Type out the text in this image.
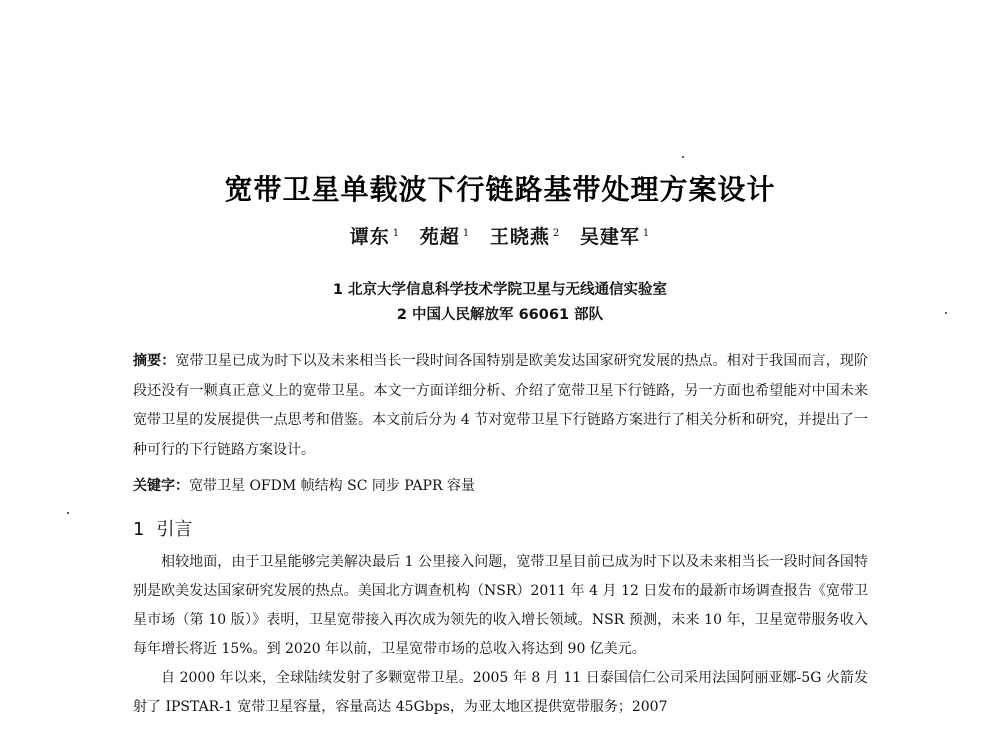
宽带卫星单载波下行链路基带处理方案设计
谭东 $^1$ 苑超 $^1$ 王晓燕 $^2$ 吴建军 $^1$
1 北京大学信息科学技术学院卫星与无线通信实验室
2 中国人民解放军 66061 部队
摘要：宽带卫星已成为时下以及未来相当长一段时间各国特别是欧美发达国家研究发展的热点。相对于我国而言，现阶段还没有一颗真正意义上的宽带卫星。本文一方面详细分析、介绍了宽带卫星下行链路，另一方面也希望能对中国未来宽带卫星的发展提供一点思考和借鉴。本文前后分为 4 节对宽带卫星下行链路方案进行了相关分析和研究，并提出了一种可行的下行链路方案设计。
关键字：宽带卫星 OFDM 帧结构 SC 同步 PAPR 容量
1 引言

相较地面，由于卫星能够完美解决最后 1 公里接入问题，宽带卫星目前已成为时下以及未来相当长一段时间各国特别是欧美发达国家研究发展的热点。美国北方调查机构（NSR）2011 年 4 月 12 日发布的最新市场调查报告《宽带卫星市场（第 10 版）》表明，卫星宽带接入再次成为领先的收入增长领域。NSR 预测，未来 10 年，卫星宽带服务收入每年增长将近 15%。到 2020 年以前，卫星宽带市场的总收入将达到 90 亿美元。

自 2000 年以来，全球陆续发射了多颗宽带卫星。2005 年 8 月 11 日泰国信仁公司采用法国阿丽亚娜-5G 火箭发射了 IPSTAR-1 宽带卫星容量，容量高达 45Gbps，为亚太地区提供宽带服务；2007
